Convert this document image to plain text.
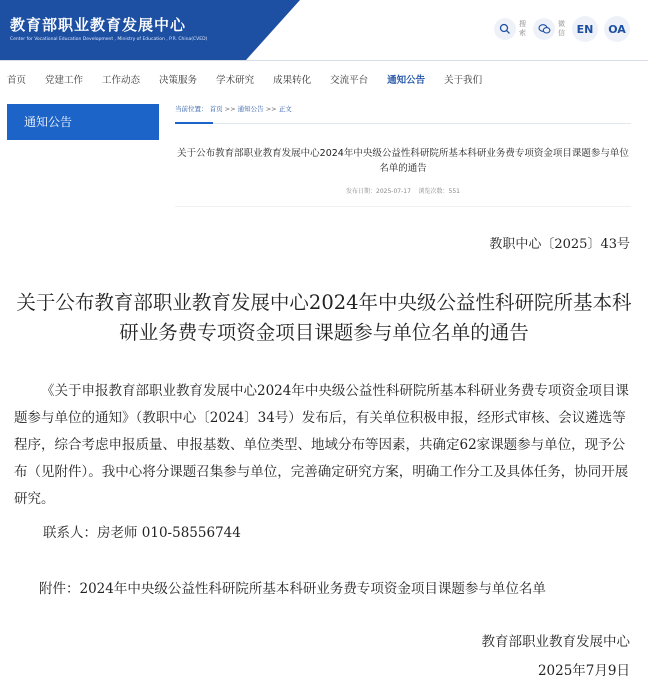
教育部职业教育发展中心
Center for Vocational Education Development , Ministry of Education , P.R. China(CVED)
搜
索
微
信	EN	OA
首页 党建工作 工作动态 决策服务 学术研究 成果转化 交流平台 通知公告 关于我们
通知公告
当前位置： 首页 >> 通知公告 >> 正文
关于公布教育部职业教育发展中心2024年中央级公益性科研院所基本科研业务费专项资金项目课题参与单位名单的通告
发布日期：2025-07-17 浏览次数：551
教职中心〔2025〕43号
关于公布教育部职业教育发展中心2024年中央级公益性科研院所基本科研业务费专项资金项目课题参与单位名单的通告
《关于申报教育部职业教育发展中心2024年中央级公益性科研院所基本科研业务费专项资金项目课题参与单位的通知》（教职中心〔2024〕34号）发布后，有关单位积极申报，经形式审核、会议遴选等程序，综合考虑申报质量、申报基数、单位类型、地域分布等因素，共确定62家课题参与单位，现予公布（见附件）。我中心将分课题召集参与单位，完善确定研究方案，明确工作分工及具体任务，协同开展研究。
联系人：房老师 010-58556744
附件：2024年中央级公益性科研院所基本科研业务费专项资金项目课题参与单位名单
教育部职业教育发展中心
2025年7月9日
